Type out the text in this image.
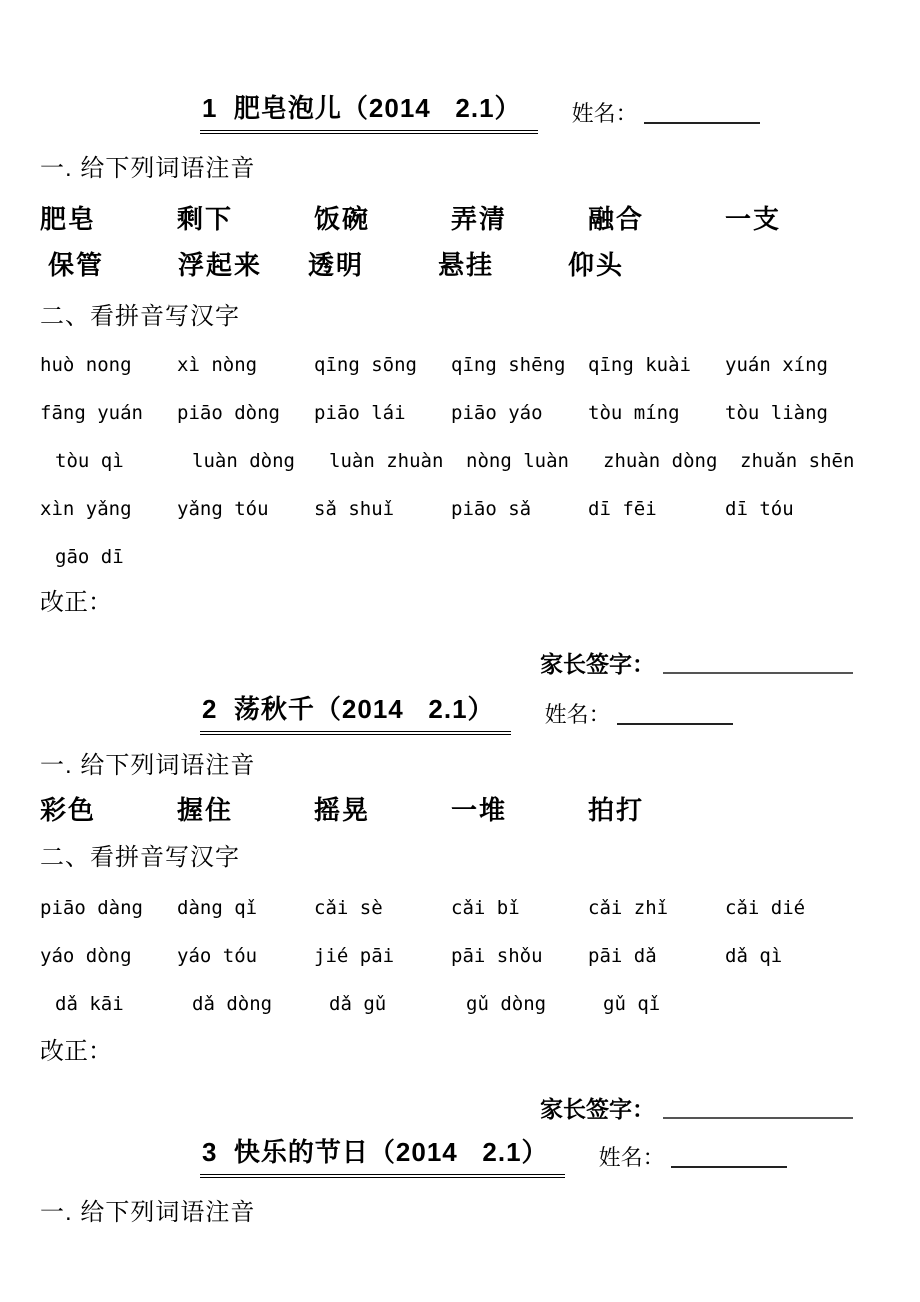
1  肥皂泡儿（2014   2.1）	姓名：
一. 给下列词语注音
肥皂	剩下	饭碗	弄清	融合	一支
保管	浮起来	透明	悬挂	仰头
二、看拼音写汉字
huò nong	xì nòng	qīng sōng	qīng shēng	qīng kuài	yuán xíng
fāng yuán	piāo dòng	piāo lái	piāo yáo	tòu míng	tòu liàng
tòu qì	luàn dòng	luàn zhuàn	nòng luàn	zhuàn dòng	zhuǎn shēn
xìn yǎng	yǎng tóu	sǎ shuǐ	piāo sǎ	dī fēi	dī tóu
gāo dī
改正：
家长签字：
2  荡秋千（2014   2.1）	姓名：
一. 给下列词语注音
彩色	握住	摇晃	一堆	拍打
二、看拼音写汉字
piāo dàng	dàng qǐ	cǎi sè	cǎi bǐ	cǎi zhǐ	cǎi dié
yáo dòng	yáo tóu	jié pāi	pāi shǒu	pāi dǎ	dǎ qì
dǎ kāi	dǎ dòng	dǎ gǔ	gǔ dòng	gǔ qǐ
改正：
家长签字：
3  快乐的节日（2014   2.1）	姓名：
一. 给下列词语注音
